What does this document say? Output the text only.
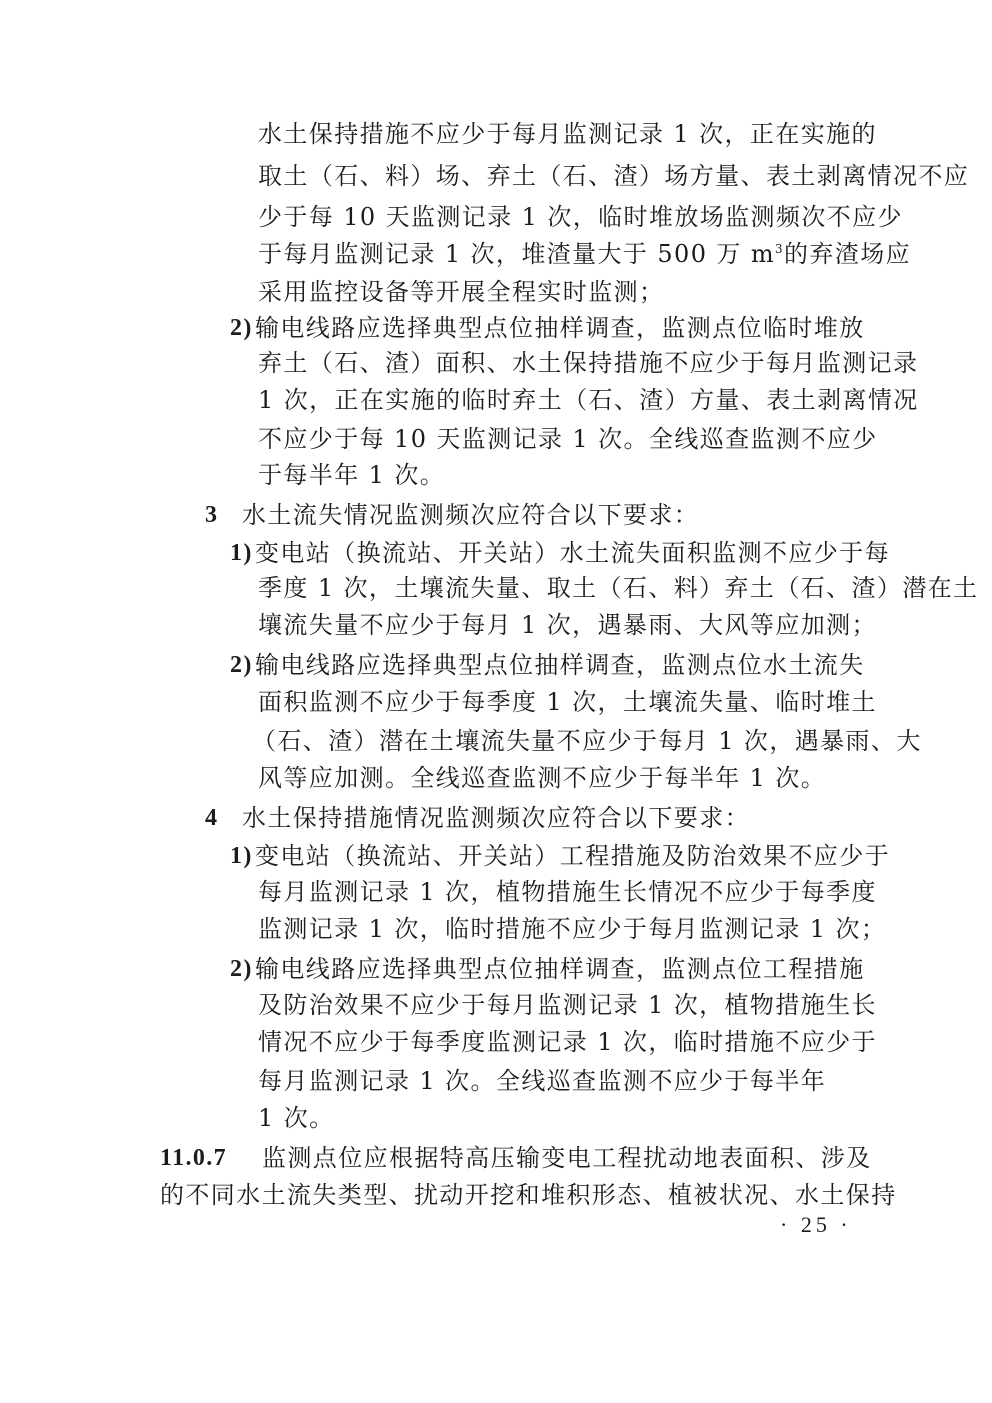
水土保持措施不应少于每月监测记录 1 次，正在实施的
取土（石、料）场、弃土（石、渣）场方量、表土剥离情况不应
少于每 10 天监测记录 1 次，临时堆放场监测频次不应少
于每月监测记录 1 次，堆渣量大于 500 万 $m^3$的弃渣场应
采用监控设备等开展全程实时监测；
2) 输电线路应选择典型点位抽样调查，监测点位临时堆放
弃土（石、渣）面积、水土保持措施不应少于每月监测记录
1 次，正在实施的临时弃土（石、渣）方量、表土剥离情况
不应少于每 10 天监测记录 1 次。全线巡查监测不应少
于每半年 1 次。
3 水土流失情况监测频次应符合以下要求：
1) 变电站（换流站、开关站）水土流失面积监测不应少于每
季度 1 次，土壤流失量、取土（石、料）弃土（石、渣）潜在土
壤流失量不应少于每月 1 次，遇暴雨、大风等应加测；
2) 输电线路应选择典型点位抽样调查，监测点位水土流失
面积监测不应少于每季度 1 次，土壤流失量、临时堆土
（石、渣）潜在土壤流失量不应少于每月 1 次，遇暴雨、大
风等应加测。全线巡查监测不应少于每半年 1 次。
4 水土保持措施情况监测频次应符合以下要求：
1) 变电站（换流站、开关站）工程措施及防治效果不应少于
每月监测记录 1 次，植物措施生长情况不应少于每季度
监测记录 1 次，临时措施不应少于每月监测记录 1 次；
2) 输电线路应选择典型点位抽样调查，监测点位工程措施
及防治效果不应少于每月监测记录 1 次，植物措施生长
情况不应少于每季度监测记录 1 次，临时措施不应少于
每月监测记录 1 次。全线巡查监测不应少于每半年
1 次。
11.0.7 监测点位应根据特高压输变电工程扰动地表面积、涉及
的不同水土流失类型、扰动开挖和堆积形态、植被状况、水土保持
· 25 ·
